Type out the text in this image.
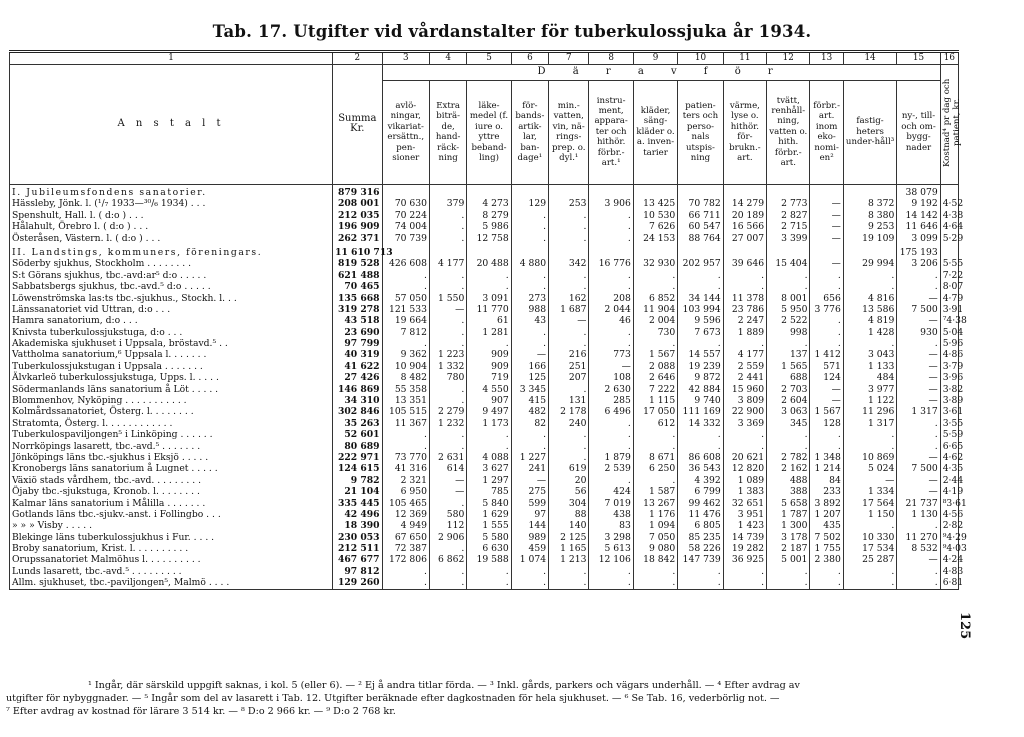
Tab. 17. Utgifter vid vårdanstalter för tuberkulossjuka år 1934.
125
1	2	3	4	5	6	7	8	9	10	11	12	13	14	15	16
A n s t a l t	Summa Kr.	D ä r a v f ö r													Kostnad⁴ pr dag och patient, kr.
		avlö-ningar, vikariat-ersättn., pen-sioner	Extra biträ-de, hand-räck-ning	läke-medel (f. iure o. yttre beband-ling)	för-bands-artik-lar, ban-dage¹	min.-vatten, vin, nä-rings-prep. o. dyl.¹	instru-ment, appara-ter och hithör. förbr.-art.¹	kläder, säng-kläder o. a. inven-tarier	patien-ters och perso-nals utspis-ning	värme, lyse o. hithör. för-brukn.-art.	tvätt, renhåll-ning, vatten o. hith. förbr.-art.	förbr.-art. inom eko-nomi-en²	fastig-heters under-håll³	ny-, till- och om-bygg-nader	
I. Jubileumsfondens sanatorier.	879 316													38 079	
Hässleby, Jönk. l. (¹/₇ 1933—³⁰/₆ 1934) . . .	208 001	70 630	379	4 273	129	253	3 906	13 425	70 782	14 279	2 773	—	8 372	9 192	4·52
Spenshult, Hall. l. ( d:o ) . . .	212 035	70 224	.	8 279	.	.	.	10 530	66 711	20 189	2 827	—	8 380	14 142	4·38
Hålahult, Örebro l. ( d:o ) . . .	196 909	74 004	.	5 986	.	.	.	7 626	60 547	16 566	2 715	—	9 253	11 646	4·64
Österåsen, Västern. l. ( d:o ) . . .	262 371	70 739	.	12 758	.	.	.	24 153	88 764	27 007	3 399	—	19 109	3 099	5·29
II. Landstings, kommuners, föreningars.	11 610 713													175 193	
Söderby sjukhus, Stockholm . . . . . . . .	819 528	426 608	4 177	20 488	4 880	342	16 776	32 930	202 957	39 646	15 404	—	29 994	3 206	5·55
S:t Görans sjukhus, tbc.-avd:ar⁵ d:o . . . . .	621 488	.	.	.	.	.	.	.	.	.	.	.	.	.	7·22
Sabbatsbergs sjukhus, tbc.-avd.⁵ d:o . . . . .	70 465	.	.	.	.	.	.	.	.	.	.	.	.	.	8·07
Löwenströmska las:ts tbc.-sjukhus., Stockh. l. . .	135 668	57 050	1 550	3 091	273	162	208	6 852	34 144	11 378	8 001	656	4 816	—	4·79
Länssanatoriet vid Uttran, d:o . . .	319 278	121 533	—	11 770	988	1 687	2 044	11 904	103 994	23 786	5 950	3 776	13 586	7 500	3·91
Hamra sanatorium, d:o . . .	43 518	19 664	.	61	43	—	46	2 004	9 596	2 247	2 522	.	4 819	—	⁷4·38
Knivsta tuberkulossjukstuga, d:o . . .	23 690	7 812	.	1 281	.	.	.	730	7 673	1 889	998	.	1 428	930	5·04
Akademiska sjukhuset i Uppsala, bröstavd.⁵ . .	97 799	.	.	.	.	.	.	.	.	.	.	.	.	.	5·96
Vattholma sanatorium,⁶ Uppsala l. . . . . . .	40 319	9 362	1 223	909	—	216	773	1 567	14 557	4 177	137	1 412	3 043	—	4·86
Tuberkulossjukstugan i Uppsala . . . . . . .	41 622	10 904	1 332	909	166	251	—	2 088	19 239	2 559	1 565	571	1 133	—	3·79
Älvkarleö tuberkulossjukstuga, Upps. l. . . . .	27 426	8 482	780	719	125	207	108	2 646	9 872	2 441	688	124	484	—	3·96
Södermanlands läns sanatorium å Löt . . . . .	146 869	55 358	.	4 550	3 345	.	2 630	7 222	42 884	15 960	2 703	—	3 977	—	3·82
Blommenhov, Nyköping . . . . . . . . . . .	34 310	13 351	.	907	415	131	285	1 115	9 740	3 809	2 604	—	1 122	—	3·89
Kolmårdssanatoriet, Österg. l. . . . . . . .	302 846	105 515	2 279	9 497	482	2 178	6 496	17 050	111 169	22 900	3 063	1 567	11 296	1 317	3·61
Stratomta, Österg. l. . . . . . . . . . . .	35 263	11 367	1 232	1 173	82	240	.	612	14 332	3 369	345	128	1 317	.	3·55
Tuberkulospaviljongen⁵ i Linköping . . . . . .	52 601	.	.	.	.	.	.	.	.	.	.	.	.	.	5·59
Norrköpings lasarett, tbc.-avd.⁵ . . . . . . .	80 689	.	.	.	.	.	.	.	.	.	.	.	.	.	6·65
Jönköpings läns tbc.-sjukhus i Eksjö . . . . .	222 971	73 770	2 631	4 088	1 227	.	1 879	8 671	86 608	20 621	2 782	1 348	10 869	—	4·62
Kronobergs läns sanatorium å Lugnet . . . . .	124 615	41 316	614	3 627	241	619	2 539	6 250	36 543	12 820	2 162	1 214	5 024	7 500	4·35
Växiö stads vårdhem, tbc.-avd. . . . . . . . .	9 782	2 321	—	1 297	—	20	.	.	4 392	1 089	488	84	—	—	2·44
Öjaby tbc.-sjukstuga, Kronob. l. . . . . . . .	21 104	6 950	—	785	275	56	424	1 587	6 799	1 383	388	233	1 334	—	4·19
Kalmar läns sanatorium i Målilla . . . . . . .	335 445	105 465	.	5 840	599	304	7 019	13 267	99 462	32 651	5 658	3 892	17 564	21 737	⁸3·61
Gotlands läns tbc.-sjukv.-anst. i Follingbo . . .	42 496	12 369	580	1 629	97	88	438	1 176	11 476	3 951	1 787	1 207	1 150	1 130	4·56
» » » Visby . . . . .	18 390	4 949	112	1 555	144	140	83	1 094	6 805	1 423	1 300	435	.	.	2·82
Blekinge läns tuberkulossjukhus i Fur. . . . .	230 053	67 650	2 906	5 580	989	2 125	3 298	7 050	85 235	14 739	3 178	7 502	10 330	11 270	⁹4·29
Broby sanatorium, Krist. l. . . . . . . . . .	212 511	72 387	.	6 630	459	1 165	5 613	9 080	58 226	19 282	2 187	1 755	17 534	8 532	⁹4·03
Orupssanatoriet Malmöhus l. . . . . . . . . .	467 677	172 806	6 862	19 588	1 074	1 213	12 106	18 842	147 739	36 925	5 001	2 380	25 287	—	4·24
Lunds lasarett, tbc.-avd.⁵ . . . . . . . . .	97 812	.	.	.	.	.	.	.	.	.	.	.	.	.	4·83
Allm. sjukhuset, tbc.-paviljongen⁵, Malmö . . . .	129 260	.	.	.	.	.	.	.	.	.	.	.	.	.	6·81
¹ Ingår, där särskild uppgift saknas, i kol. 5 (eller 6). — ² Ej å andra titlar förda. — ³ Inkl. gårds, parkers och vägars underhåll. — ⁴ Efter avdrag av
utgifter för nybyggnader. — ⁵ Ingår som del av lasarett i Tab. 12. Utgifter beräknade efter dagkostnaden för hela sjukhuset. — ⁶ Se Tab. 16, vederbörlig not. —
⁷ Efter avdrag av kostnad för lärare 3 514 kr. — ⁸ D:o 2 966 kr. — ⁹ D:o 2 768 kr.
